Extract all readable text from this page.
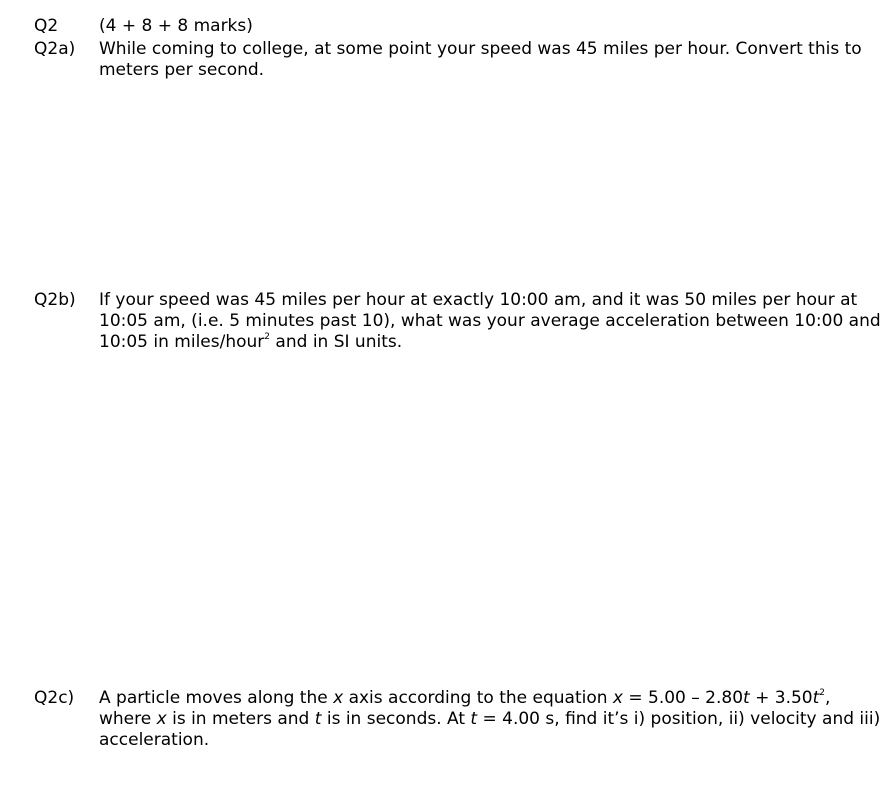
Q2 (4 + 8 + 8 marks)
Q2a) While coming to college, at some point your speed was 45 miles per hour. Convert this to meters per second.
Q2b) If your speed was 45 miles per hour at exactly 10:00 am, and it was 50 miles per hour at 10:05 am, (i.e. 5 minutes past 10), what was your average acceleration between 10:00 and 10:05 in miles/hour$^2$ and in SI units.
Q2c) A particle moves along the x axis according to the equation $x = 5.00 - 2.80t + 3.50t^2$, where x is in meters and t is in seconds. At t = 4.00 s, find it’s i) position, ii) velocity and iii) acceleration.
